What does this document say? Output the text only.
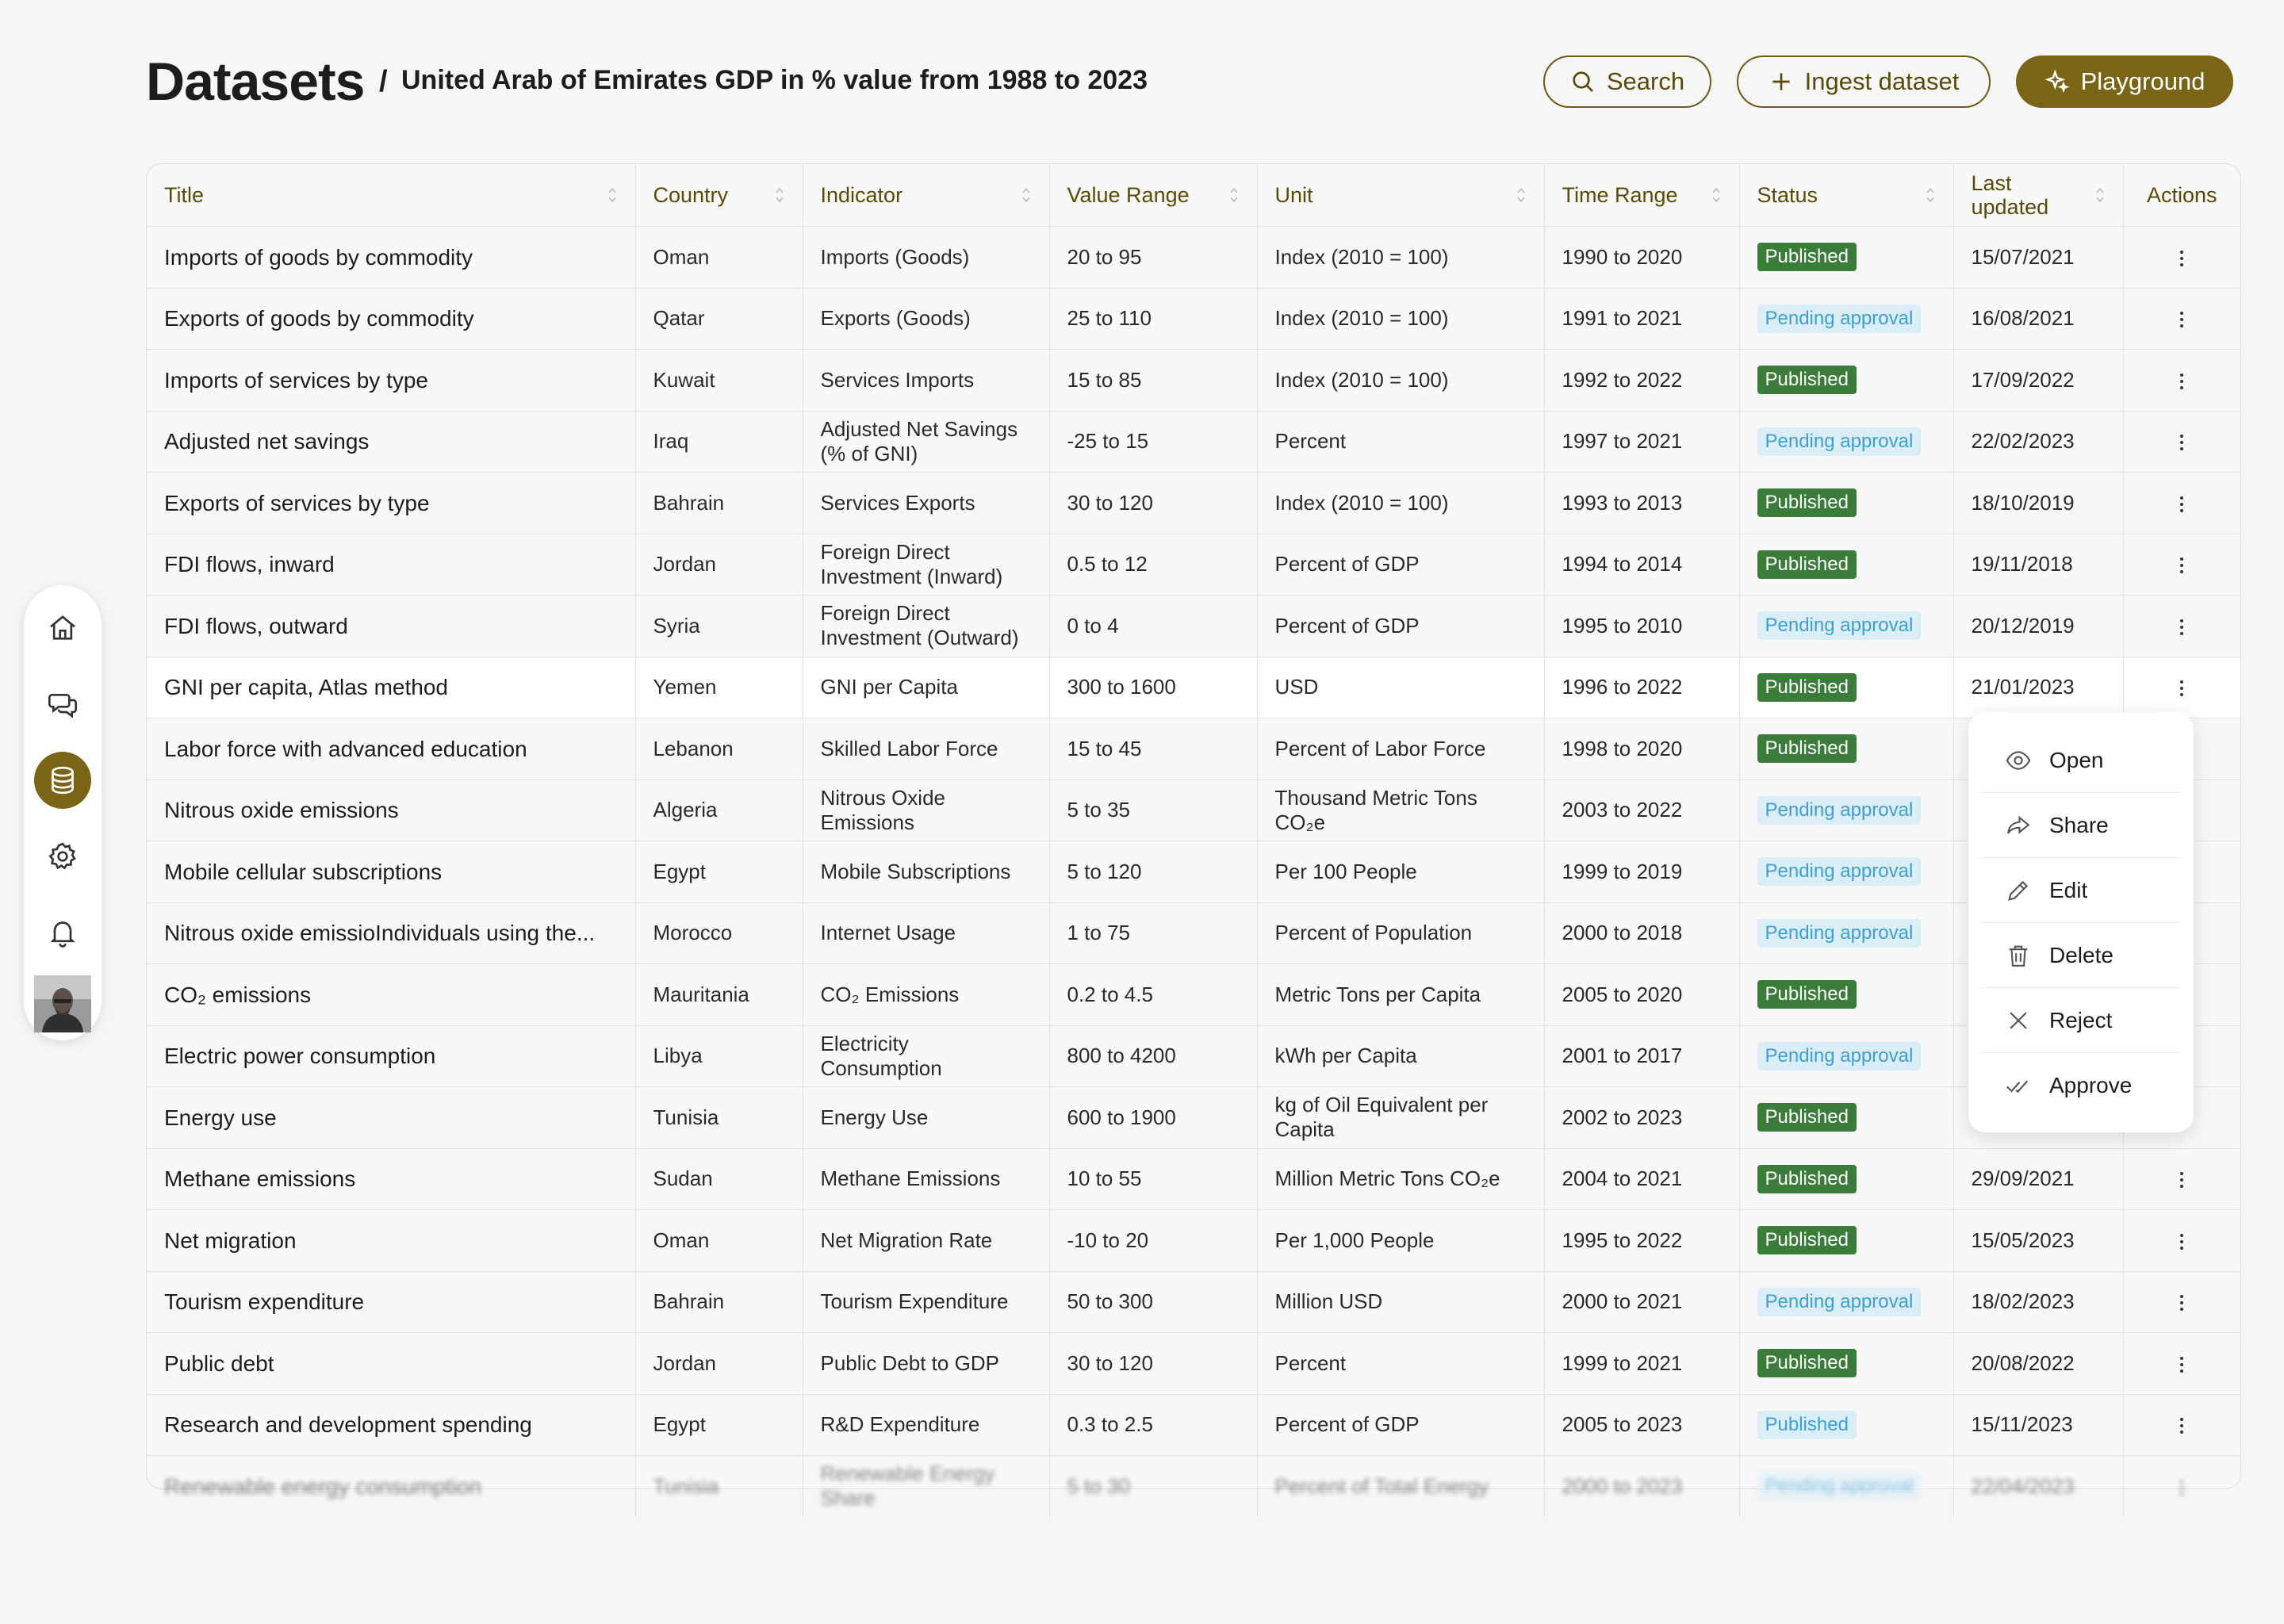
Datasets / United Arab of Emirates GDP in % value from 1988 to 2023	Search	Ingest dataset	Playground
Title	Country	Indicator	Value Range	Unit	Time Range	Status	Last updated	Actions
Imports of goods by commodity	Oman	Imports (Goods)	20 to 95	Index (2010 = 100)	1990 to 2020	Published	15/07/2021	
Exports of goods by commodity	Qatar	Exports (Goods)	25 to 110	Index (2010 = 100)	1991 to 2021	Pending approval	16/08/2021	
Imports of services by type	Kuwait	Services Imports	15 to 85	Index (2010 = 100)	1992 to 2022	Published	17/09/2022	
Adjusted net savings	Iraq	Adjusted Net Savings (% of GNI)	-25 to 15	Percent	1997 to 2021	Pending approval	22/02/2023	
Exports of services by type	Bahrain	Services Exports	30 to 120	Index (2010 = 100)	1993 to 2013	Published	18/10/2019	
FDI flows, inward	Jordan	Foreign Direct Investment (Inward)	0.5 to 12	Percent of GDP	1994 to 2014	Published	19/11/2018	
FDI flows, outward	Syria	Foreign Direct Investment (Outward)	0 to 4	Percent of GDP	1995 to 2010	Pending approval	20/12/2019	
GNI per capita, Atlas method	Yemen	GNI per Capita	300 to 1600	USD	1996 to 2022	Published	21/01/2023	
Labor force with advanced education	Lebanon	Skilled Labor Force	15 to 45	Percent of Labor Force	1998 to 2020	Published		
Nitrous oxide emissions	Algeria	Nitrous Oxide Emissions	5 to 35	Thousand Metric Tons CO₂e	2003 to 2022	Pending approval		
Mobile cellular subscriptions	Egypt	Mobile Subscriptions	5 to 120	Per 100 People	1999 to 2019	Pending approval		
Nitrous oxide emissioIndividuals using the...	Morocco	Internet Usage	1 to 75	Percent of Population	2000 to 2018	Pending approval		
CO₂ emissions	Mauritania	CO₂ Emissions	0.2 to 4.5	Metric Tons per Capita	2005 to 2020	Published		
Electric power consumption	Libya	Electricity Consumption	800 to 4200	kWh per Capita	2001 to 2017	Pending approval		
Energy use	Tunisia	Energy Use	600 to 1900	kg of Oil Equivalent per Capita	2002 to 2023	Published		
Methane emissions	Sudan	Methane Emissions	10 to 55	Million Metric Tons CO₂e	2004 to 2021	Published	29/09/2021	
Net migration	Oman	Net Migration Rate	-10 to 20	Per 1,000 People	1995 to 2022	Published	15/05/2023	
Tourism expenditure	Bahrain	Tourism Expenditure	50 to 300	Million USD	2000 to 2021	Pending approval	18/02/2023	
Public debt	Jordan	Public Debt to GDP	30 to 120	Percent	1999 to 2021	Published	20/08/2022	
Research and development spending	Egypt	R&D Expenditure	0.3 to 2.5	Percent of GDP	2005 to 2023	Published	15/11/2023	
Renewable energy consumption	Tunisia	Renewable Energy Share	5 to 30	Percent of Total Energy	2000 to 2023	Pending approval	22/04/2023	
Open
Share
Edit
Delete
Reject
Approve
